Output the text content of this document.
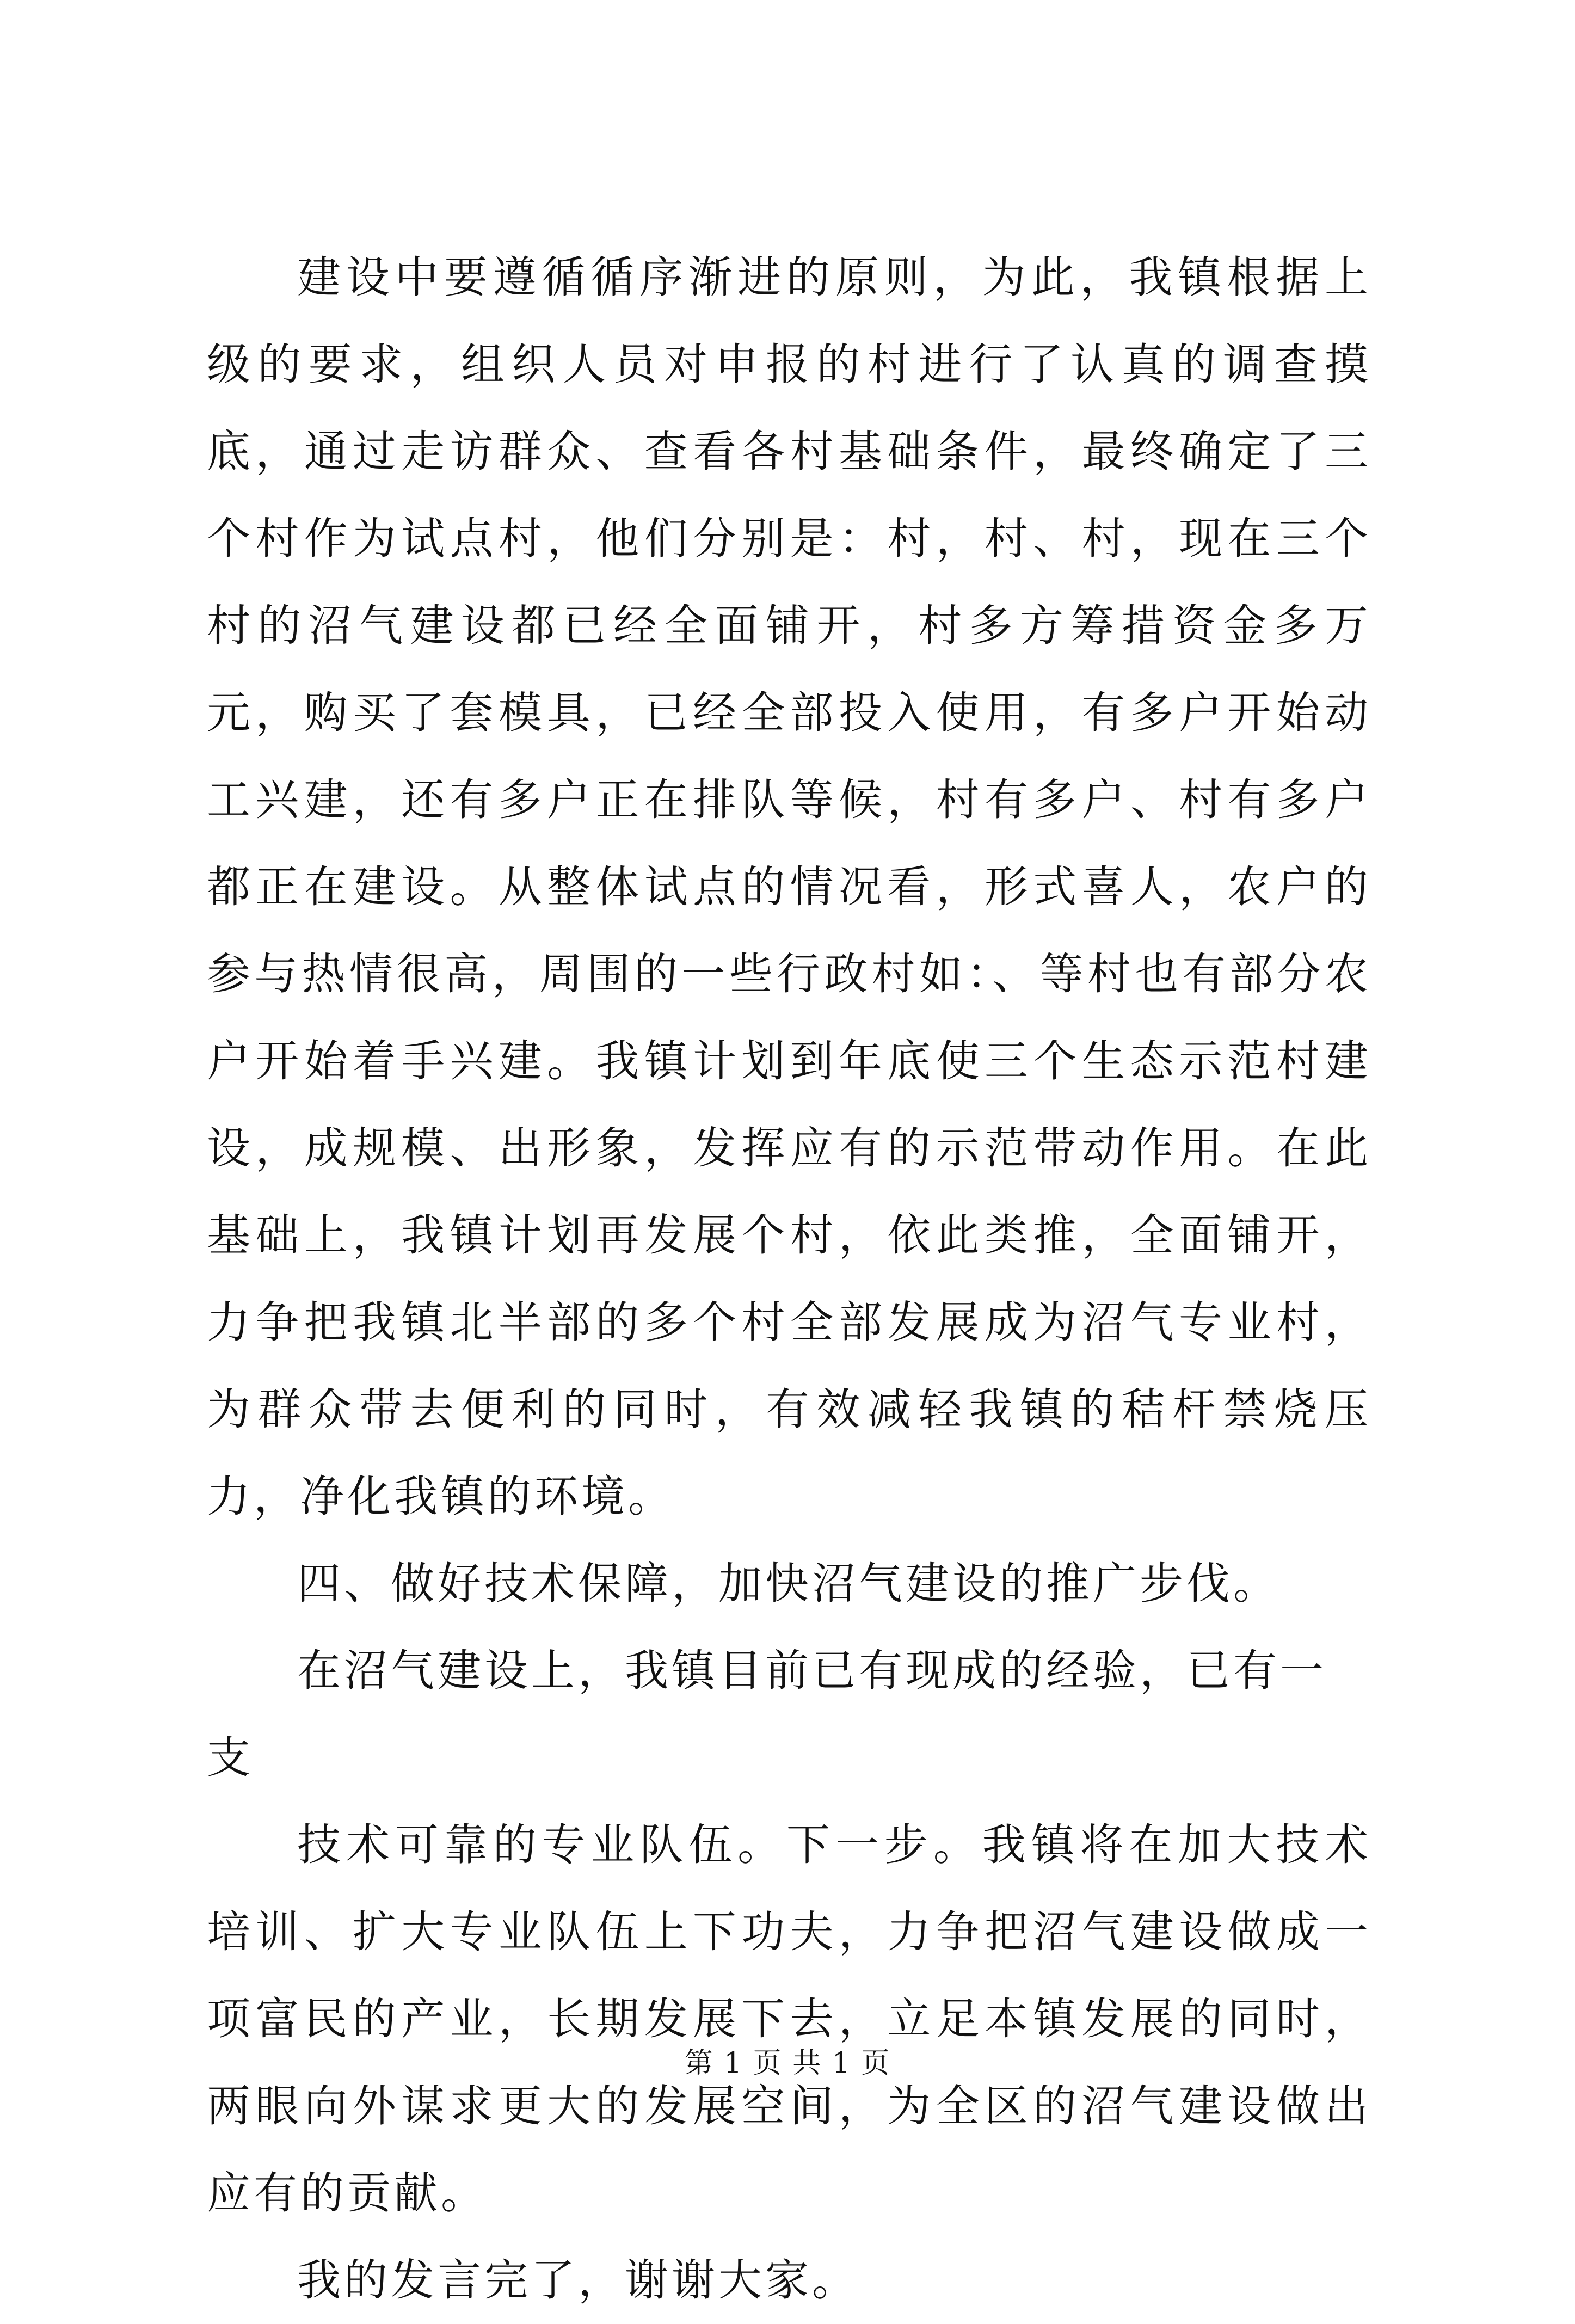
建设中要遵循循序渐进的原则，为此，我镇根据上级的要求，组织人员对申报的村进行了认真的调查摸底，通过走访群众、查看各村基础条件，最终确定了三个村作为试点村，他们分别是：村，村、村，现在三个村的沼气建设都已经全面铺开，村多方筹措资金多万元，购买了套模具，已经全部投入使用，有多户开始动工兴建，还有多户正在排队等候，村有多户、村有多户都正在建设。从整体试点的情况看，形式喜人，农户的参与热情很高，周围的一些行政村如：、等村也有部分农户开始着手兴建。我镇计划到年底使三个生态示范村建设，成规模、出形象，发挥应有的示范带动作用。在此基础上，我镇计划再发展个村，依此类推，全面铺开，力争把我镇北半部的多个村全部发展成为沼气专业村，为群众带去便利的同时，有效减轻我镇的秸杆禁烧压力，净化我镇的环境。

四、做好技术保障，加快沼气建设的推广步伐。

在沼气建设上，我镇目前已有现成的经验，已有一支

技术可靠的专业队伍。下一步。我镇将在加大技术培训、扩大专业队伍上下功夫，力争把沼气建设做成一项富民的产业，长期发展下去，立足本镇发展的同时，两眼向外谋求更大的发展空间，为全区的沼气建设做出应有的贡献。

我的发言完了，谢谢大家。

第 1 页 共 1 页
